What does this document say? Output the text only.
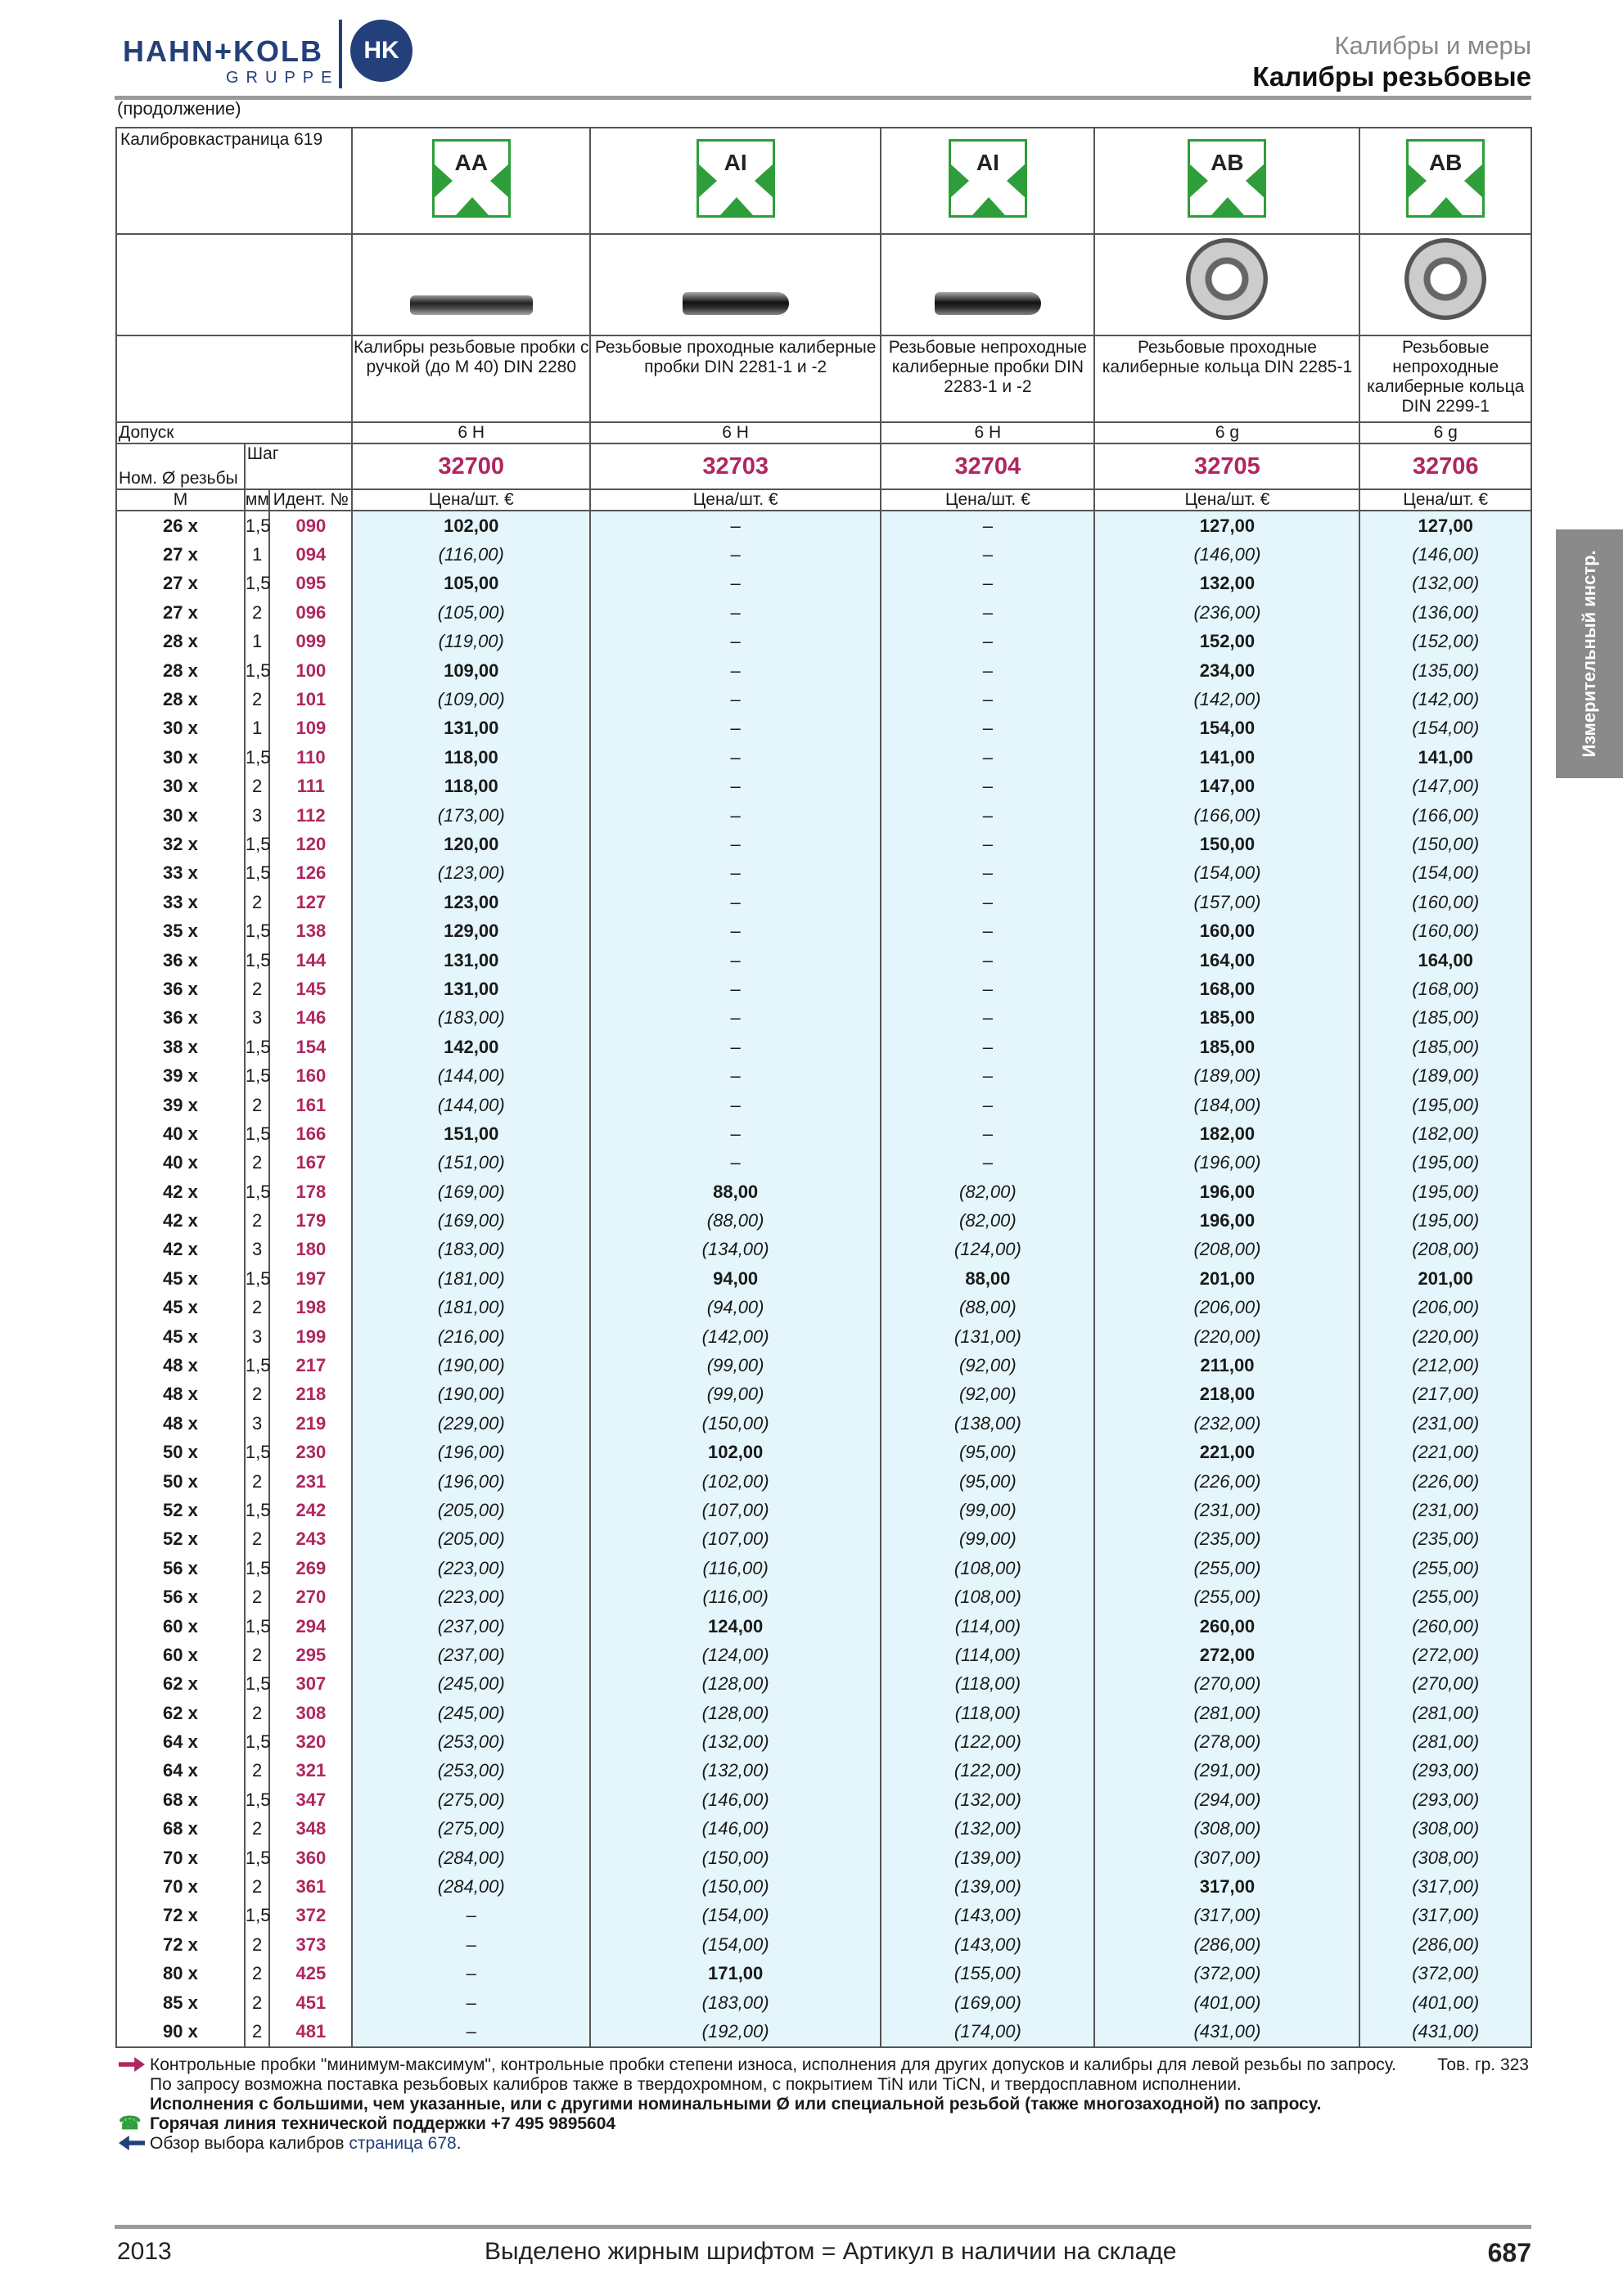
HAHN+KOLB
GRUPPE
HK	Калибры и меры
Калибры резьбовые
(продолжение)
Калибровкастраница 619			AA	AI	AI	AB	AB

			Калибры резьбовые пробки с ручкой (до М 40) DIN 2280	Резьбовые проходные калиберные пробки DIN 2281-1 и -2	Резьбовые непроходные калиберные пробки DIN 2283-1 и -2	Резьбовые проходные калиберные кольца DIN 2285-1	Резьбовые непроходные калиберные кольца DIN 2299-1
Допуск			6 H	6 H	6 H	6 g	6 g
Ном. Ø резьбы	Шаг		32700	32703	32704	32705	32706
M	мм	Идент. №	Цена/шт. €	Цена/шт. €	Цена/шт. €	Цена/шт. €	Цена/шт. €
26 x	1,5	090	102,00	–	–	127,00	127,00
27 x	1	094	(116,00)	–	–	(146,00)	(146,00)
27 x	1,5	095	105,00	–	–	132,00	(132,00)
27 x	2	096	(105,00)	–	–	(236,00)	(136,00)
28 x	1	099	(119,00)	–	–	152,00	(152,00)
28 x	1,5	100	109,00	–	–	234,00	(135,00)
28 x	2	101	(109,00)	–	–	(142,00)	(142,00)
30 x	1	109	131,00	–	–	154,00	(154,00)
30 x	1,5	110	118,00	–	–	141,00	141,00
30 x	2	111	118,00	–	–	147,00	(147,00)
30 x	3	112	(173,00)	–	–	(166,00)	(166,00)
32 x	1,5	120	120,00	–	–	150,00	(150,00)
33 x	1,5	126	(123,00)	–	–	(154,00)	(154,00)
33 x	2	127	123,00	–	–	(157,00)	(160,00)
35 x	1,5	138	129,00	–	–	160,00	(160,00)
36 x	1,5	144	131,00	–	–	164,00	164,00
36 x	2	145	131,00	–	–	168,00	(168,00)
36 x	3	146	(183,00)	–	–	185,00	(185,00)
38 x	1,5	154	142,00	–	–	185,00	(185,00)
39 x	1,5	160	(144,00)	–	–	(189,00)	(189,00)
39 x	2	161	(144,00)	–	–	(184,00)	(195,00)
40 x	1,5	166	151,00	–	–	182,00	(182,00)
40 x	2	167	(151,00)	–	–	(196,00)	(195,00)
42 x	1,5	178	(169,00)	88,00	(82,00)	196,00	(195,00)
42 x	2	179	(169,00)	(88,00)	(82,00)	196,00	(195,00)
42 x	3	180	(183,00)	(134,00)	(124,00)	(208,00)	(208,00)
45 x	1,5	197	(181,00)	94,00	88,00	201,00	201,00
45 x	2	198	(181,00)	(94,00)	(88,00)	(206,00)	(206,00)
45 x	3	199	(216,00)	(142,00)	(131,00)	(220,00)	(220,00)
48 x	1,5	217	(190,00)	(99,00)	(92,00)	211,00	(212,00)
48 x	2	218	(190,00)	(99,00)	(92,00)	218,00	(217,00)
48 x	3	219	(229,00)	(150,00)	(138,00)	(232,00)	(231,00)
50 x	1,5	230	(196,00)	102,00	(95,00)	221,00	(221,00)
50 x	2	231	(196,00)	(102,00)	(95,00)	(226,00)	(226,00)
52 x	1,5	242	(205,00)	(107,00)	(99,00)	(231,00)	(231,00)
52 x	2	243	(205,00)	(107,00)	(99,00)	(235,00)	(235,00)
56 x	1,5	269	(223,00)	(116,00)	(108,00)	(255,00)	(255,00)
56 x	2	270	(223,00)	(116,00)	(108,00)	(255,00)	(255,00)
60 x	1,5	294	(237,00)	124,00	(114,00)	260,00	(260,00)
60 x	2	295	(237,00)	(124,00)	(114,00)	272,00	(272,00)
62 x	1,5	307	(245,00)	(128,00)	(118,00)	(270,00)	(270,00)
62 x	2	308	(245,00)	(128,00)	(118,00)	(281,00)	(281,00)
64 x	1,5	320	(253,00)	(132,00)	(122,00)	(278,00)	(281,00)
64 x	2	321	(253,00)	(132,00)	(122,00)	(291,00)	(293,00)
68 x	1,5	347	(275,00)	(146,00)	(132,00)	(294,00)	(293,00)
68 x	2	348	(275,00)	(146,00)	(132,00)	(308,00)	(308,00)
70 x	1,5	360	(284,00)	(150,00)	(139,00)	(307,00)	(308,00)
70 x	2	361	(284,00)	(150,00)	(139,00)	317,00	(317,00)
72 x	1,5	372	–	(154,00)	(143,00)	(317,00)	(317,00)
72 x	2	373	–	(154,00)	(143,00)	(286,00)	(286,00)
80 x	2	425	–	171,00	(155,00)	(372,00)	(372,00)
85 x	2	451	–	(183,00)	(169,00)	(401,00)	(401,00)
90 x	2	481	–	(192,00)	(174,00)	(431,00)	(431,00)
Измерительный инстр.
Контрольные пробки "минимум-максимум", контрольные пробки степени износа, исполнения для других допусков и калибры для левой резьбы по запросу. Тов. гр. 323
По запросу возможна поставка резьбовых калибров также в твердохромном, с покрытием TiN или TiCN, и твердосплавном исполнении.
Исполнения с большими, чем указанные, или с другими номинальными Ø или специальной резьбой (также многозаходной) по запросу.
☎ Горячая линия технической поддержки +7 495 9895604
Обзор выбора калибров страница 678.
2013	Выделено жирным шрифтом = Артикул в наличии на складе	687
